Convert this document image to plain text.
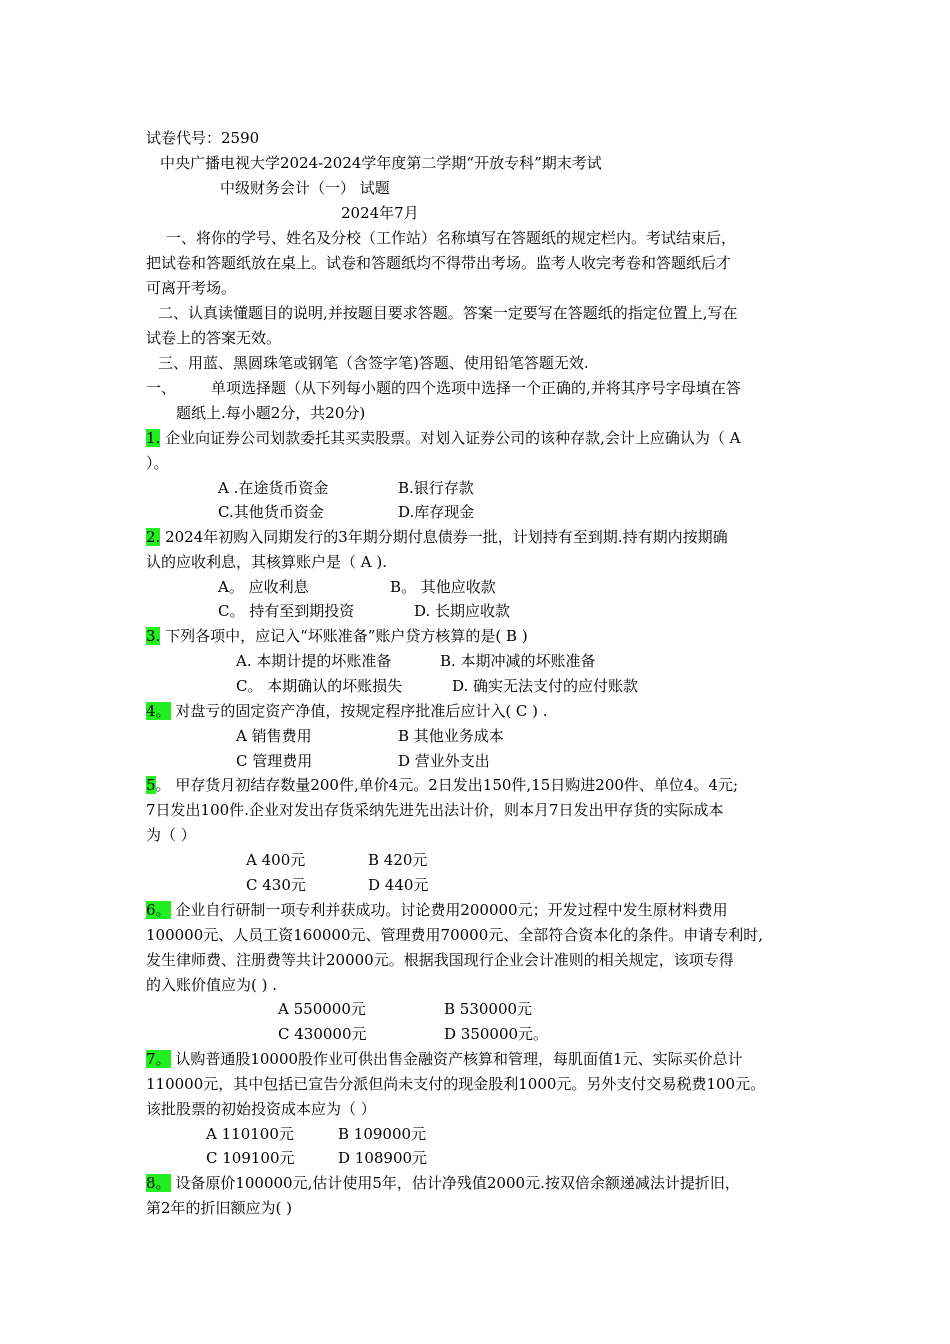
试卷代号：2590
中央广播电视大学2024-2024学年度第二学期“开放专科”期末考试
中级财务会计（一） 试题
2024年7月
一、将你的学号、姓名及分校（工作站）名称填写在答题纸的规定栏内。考试结束后，
把试卷和答题纸放在桌上。试卷和答题纸均不得带出考场。监考人收完考卷和答题纸后才
可离开考场。
二、认真读懂题目的说明,并按题目要求答题。答案一定要写在答题纸的指定位置上,写在
试卷上的答案无效。
三、用蓝、黑圆珠笔或钢笔（含签字笔)答题、使用铅笔答题无效.
一、 单项选择题（从下列每小题的四个选项中选择一个正确的,并将其序号字母填在答
题纸上.每小题2分，共20分)
1. 企业向证券公司划款委托其买卖股票。对划入证券公司的该种存款,会计上应确认为（ A
）。
A .在途货币资金	B.银行存款
C.其他货币资金	D.库存现金
2. 2024年初购入同期发行的3年期分期付息债券一批，计划持有至到期.持有期内按期确
认的应收利息，其核算账户是（ A ).
A。 应收利息	B。 其他应收款
C。 持有至到期投资	D. 长期应收款
3. 下列各项中，应记入“坏账准备”账户贷方核算的是( B )
A. 本期计提的坏账准备	B. 本期冲减的坏账准备
C。 本期确认的坏账损失	D. 确实无法支付的应付账款
4。 对盘亏的固定资产净值，按规定程序批准后应计入( C ) .
A 销售费用	B 其他业务成本
C 管理费用	D 营业外支出
5。 甲存货月初结存数量200件,单价4元。2日发出150件,15日购进200件、单位4。4元;
7日发出100件.企业对发出存货采纳先进先出法计价，则本月7日发出甲存货的实际成本
为（ ）
A 400元	B 420元
C 430元	D 440元
6。 企业自行研制一项专利并获成功。讨论费用200000元；开发过程中发生原材料费用
100000元、人员工资160000元、管理费用70000元、全部符合资本化的条件。申请专利时,
发生律师费、注册费等共计20000元。根据我国现行企业会计准则的相关规定，该项专得
的入账价值应为( ) .
A 550000元	B 530000元
C 430000元	D 350000元。
7。 认购普通股10000股作业可供出售金融资产核算和管理，每肌面值1元、实际买价总计
110000元，其中包括已宣告分派但尚未支付的现金股利1000元。另外支付交易税费100元。
该批股票的初始投资成本应为（ ）
A 110100元	B 109000元
C 109100元	D 108900元
8。 设备原价100000元,估计使用5年，估计净残值2000元.按双倍余额递减法计提折旧，
第2年的折旧额应为( )
